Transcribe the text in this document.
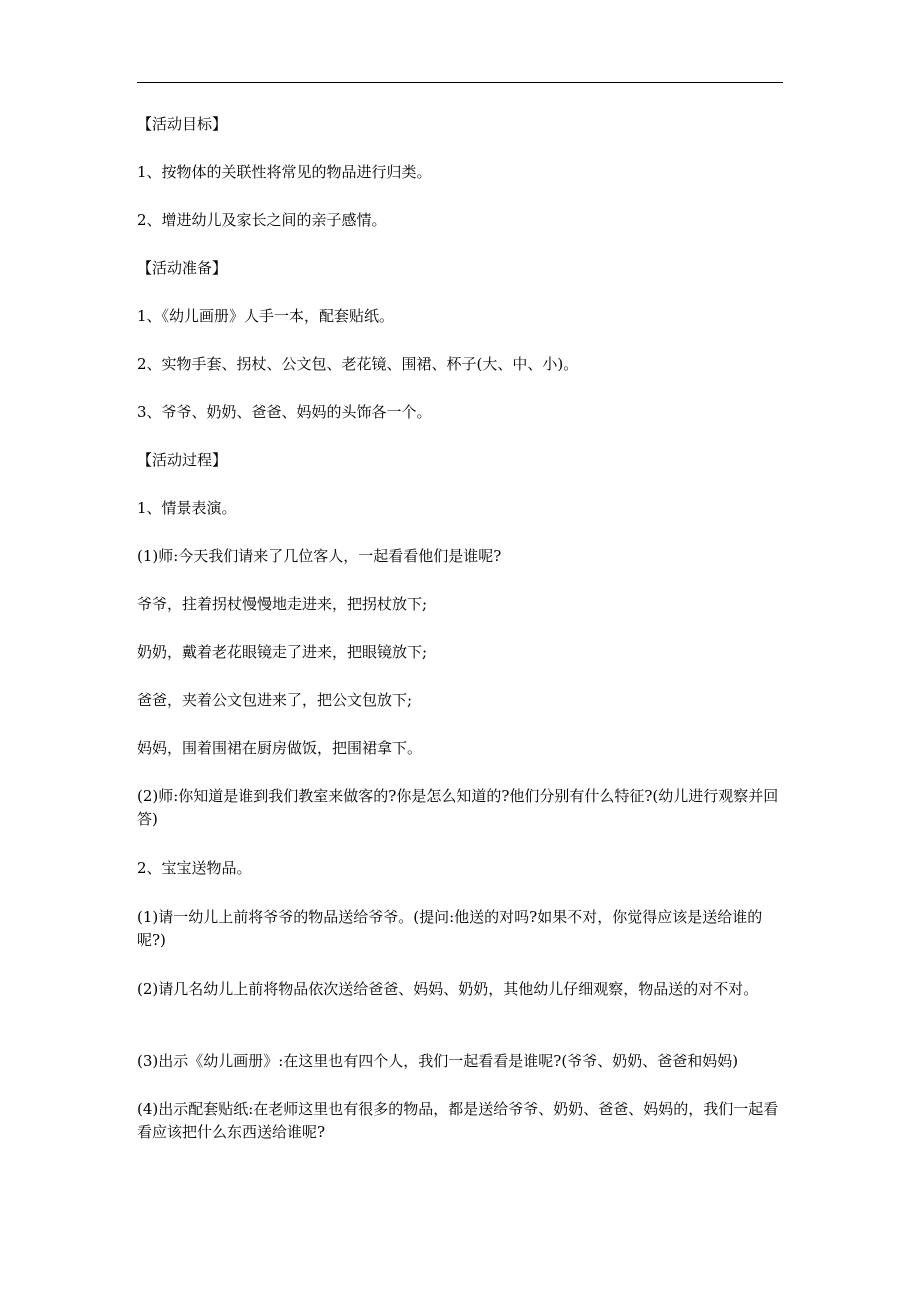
【活动目标】
1、按物体的关联性将常见的物品进行归类。
2、增进幼儿及家长之间的亲子感情。
【活动准备】
1、《幼儿画册》人手一本，配套贴纸。
2、实物手套、拐杖、公文包、老花镜、围裙、杯子(大、中、小)。
3、爷爷、奶奶、爸爸、妈妈的头饰各一个。
【活动过程】
1、情景表演。
(1)师:今天我们请来了几位客人，一起看看他们是谁呢?
爷爷，拄着拐杖慢慢地走进来，把拐杖放下;
奶奶，戴着老花眼镜走了进来，把眼镜放下;
爸爸，夹着公文包进来了，把公文包放下;
妈妈，围着围裙在厨房做饭，把围裙拿下。
(2)师:你知道是谁到我们教室来做客的?你是怎么知道的?他们分别有什么特征?(幼儿进行观察并回答)
2、宝宝送物品。
(1)请一幼儿上前将爷爷的物品送给爷爷。(提问:他送的对吗?如果不对，你觉得应该是送给谁的呢?)
(2)请几名幼儿上前将物品依次送给爸爸、妈妈、奶奶，其他幼儿仔细观察，物品送的对不对。
(3)出示《幼儿画册》:在这里也有四个人，我们一起看看是谁呢?(爷爷、奶奶、爸爸和妈妈)
(4)出示配套贴纸:在老师这里也有很多的物品，都是送给爷爷、奶奶、爸爸、妈妈的，我们一起看看应该把什么东西送给谁呢?
